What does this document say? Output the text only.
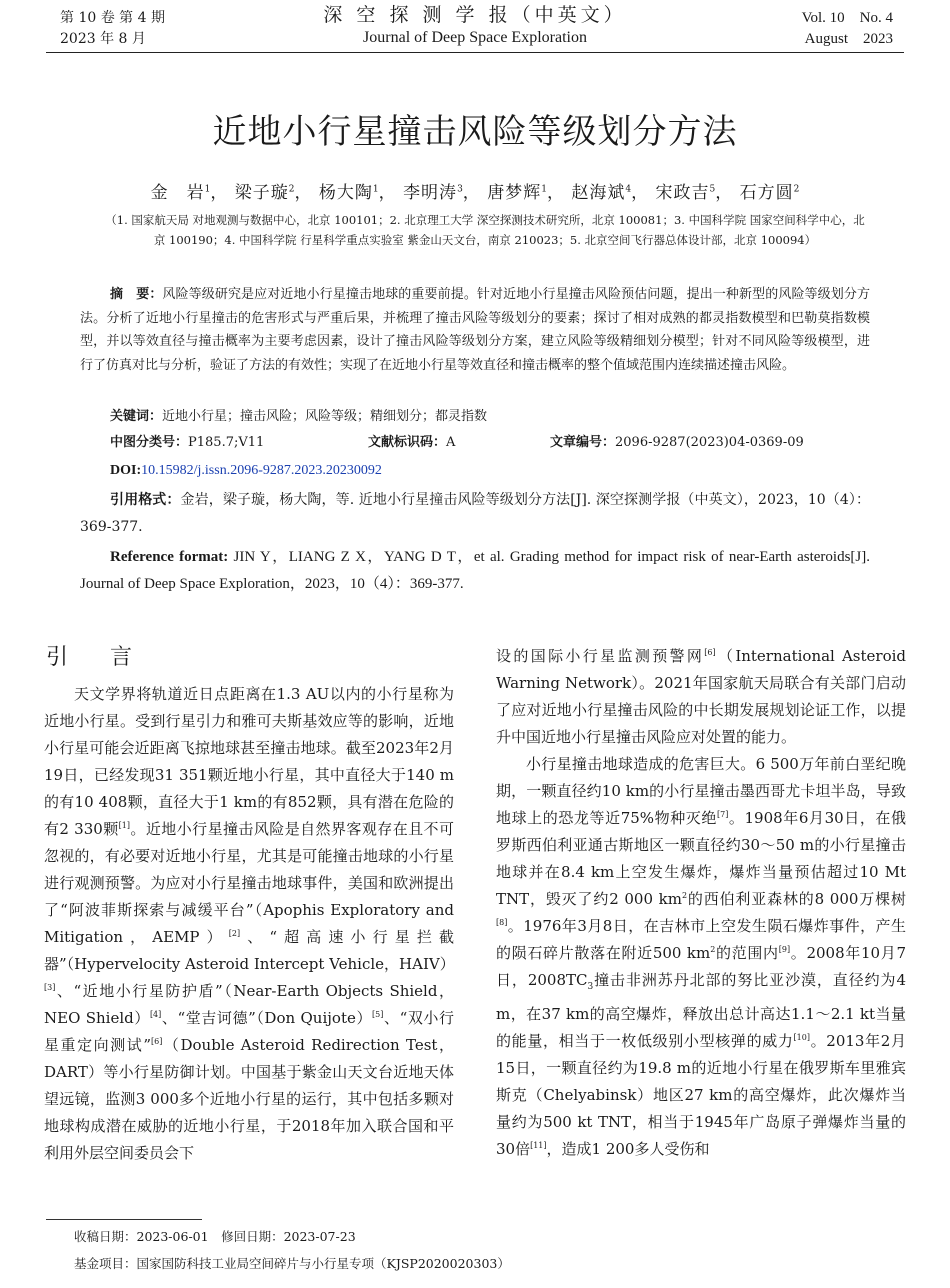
第 10 卷 第 4 期
2023 年 8 月
深 空 探 测 学 报（中英文）
Journal of Deep Space Exploration
Vol. 10    No. 4
August    2023
近地小行星撞击风险等级划分方法
金　岩$^1$， 梁子璇$^2$， 杨大陶$^1$， 李明涛$^3$， 唐梦辉$^1$， 赵海斌$^4$， 宋政吉$^5$， 石方圆$^2$
（1. 国家航天局 对地观测与数据中心，北京 100101；2. 北京理工大学 深空探测技术研究所，北京 100081；3. 中国科学院 国家空间科学中心，北京 100190；4. 中国科学院 行星科学重点实验室 紫金山天文台，南京 210023；5. 北京空间飞行器总体设计部，北京 100094）
摘　要：风险等级研究是应对近地小行星撞击地球的重要前提。针对近地小行星撞击风险预估问题，提出一种新型的风险等级划分方法。分析了近地小行星撞击的危害形式与严重后果，并梳理了撞击风险等级划分的要素；探讨了相对成熟的都灵指数模型和巴勒莫指数模型，并以等效直径与撞击概率为主要考虑因素，设计了撞击风险等级划分方案，建立风险等级精细划分模型；针对不同风险等级模型，进行了仿真对比与分析，验证了方法的有效性；实现了在近地小行星等效直径和撞击概率的整个值域范围内连续描述撞击风险。
关键词：近地小行星；撞击风险；风险等级；精细划分；都灵指数
中图分类号：P185.7;V11	文献标识码：A	文章编号：2096-9287(2023)04-0369-09
DOI:10.15982/j.issn.2096-9287.2023.20230092
引用格式：金岩，梁子璇，杨大陶，等. 近地小行星撞击风险等级划分方法[J]. 深空探测学报（中英文），2023，10（4）：369-377.
Reference format: JIN Y，LIANG Z X，YANG D T，et al. Grading method for impact risk of near-Earth asteroids[J]. Journal of Deep Space Exploration，2023，10（4）：369-377.
引　言

天文学界将轨道近日点距离在1.3 AU以内的小行星称为近地小行星。受到行星引力和雅可夫斯基效应等的影响，近地小行星可能会近距离飞掠地球甚至撞击地球。截至2023年2月19日，已经发现31 351颗近地小行星，其中直径大于140 m的有10 408颗，直径大于1 km的有852颗，具有潜在危险的有2 330颗[1]。近地小行星撞击风险是自然界客观存在且不可忽视的，有必要对近地小行星，尤其是可能撞击地球的小行星进行观测预警。为应对小行星撞击地球事件，美国和欧洲提出了“阿波菲斯探索与减缓平台”（Apophis Exploratory and Mitigation，AEMP）[2]、“超高速小行星拦截器”（Hypervelocity Asteroid Intercept Vehicle，HAIV）[3]、“近地小行星防护盾”（Near-Earth Objects Shield，NEO Shield）[4]、“堂吉诃德”（Don Quijote）[5]、“双小行星重定向测试”[6]（Double Asteroid Redirection Test，DART）等小行星防御计划。中国基于紫金山天文台近地天体望远镜，监测3 000多个近地小行星的运行，其中包括多颗对地球构成潜在威胁的近地小行星，于2018年加入联合国和平利用外层空间委员会下

设的国际小行星监测预警网[6]（International Asteroid Warning Network）。2021年国家航天局联合有关部门启动了应对近地小行星撞击风险的中长期发展规划论证工作，以提升中国近地小行星撞击风险应对处置的能力。

小行星撞击地球造成的危害巨大。6 500万年前白垩纪晚期，一颗直径约10 km的小行星撞击墨西哥尤卡坦半岛，导致地球上的恐龙等近75%物种灭绝[7]。1908年6月30日，在俄罗斯西伯利亚通古斯地区一颗直径约30～50 m的小行星撞击地球并在8.4 km上空发生爆炸，爆炸当量预估超过10 Mt TNT，毁灭了约2 000 $km^2$的西伯利亚森林的8 000万棵树[8]。1976年3月8日，在吉林市上空发生陨石爆炸事件，产生的陨石碎片散落在附近500 $km^2$的范围内[9]。2008年10月7日，$2008TC_3$撞击非洲苏丹北部的努比亚沙漠，直径约为4 m，在37 km的高空爆炸，释放出总计高达1.1～2.1 kt当量的能量，相当于一枚低级别小型核弹的威力[10]。2013年2月15日，一颗直径约为19.8 m的近地小行星在俄罗斯车里雅宾斯克（Chelyabinsk）地区27 km的高空爆炸，此次爆炸当量约为500 kt TNT，相当于1945年广岛原子弹爆炸当量的30倍[11]，造成1 200多人受伤和

收稿日期：2023-06-01　修回日期：2023-07-23
基金项目：国家国防科技工业局空间碎片与小行星专项（KJSP2020020303）
